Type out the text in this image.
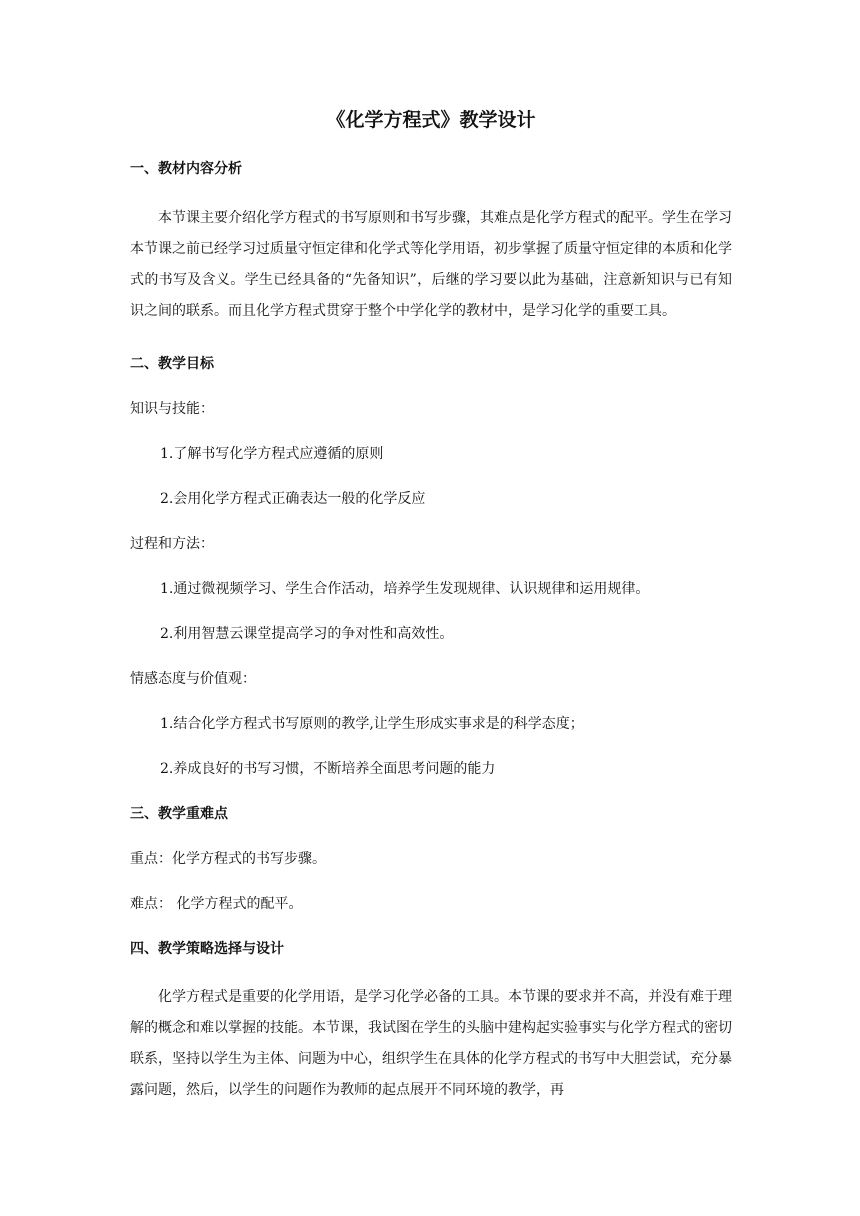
《化学方程式》教学设计
一、教材内容分析

本节课主要介绍化学方程式的书写原则和书写步骤，其难点是化学方程式的配平。学生在学习本节课之前已经学习过质量守恒定律和化学式等化学用语，初步掌握了质量守恒定律的本质和化学式的书写及含义。学生已经具备的“先备知识”，后继的学习要以此为基础，注意新知识与已有知识之间的联系。而且化学方程式贯穿于整个中学化学的教材中，是学习化学的重要工具。

二、教学目标
知识与技能：
1.了解书写化学方程式应遵循的原则
2.会用化学方程式正确表达一般的化学反应
过程和方法：
1.通过微视频学习、学生合作活动，培养学生发现规律、认识规律和运用规律。
2.利用智慧云课堂提高学习的争对性和高效性。
情感态度与价值观：
1.结合化学方程式书写原则的教学,让学生形成实事求是的科学态度；
2.养成良好的书写习惯，不断培养全面思考问题的能力
三、教学重难点
重点：化学方程式的书写步骤。
难点： 化学方程式的配平。
四、教学策略选择与设计

化学方程式是重要的化学用语，是学习化学必备的工具。本节课的要求并不高，并没有难于理解的概念和难以掌握的技能。本节课，我试图在学生的头脑中建构起实验事实与化学方程式的密切联系，坚持以学生为主体、问题为中心，组织学生在具体的化学方程式的书写中大胆尝试，充分暴露问题，然后，以学生的问题作为教师的起点展开不同环境的教学，再
